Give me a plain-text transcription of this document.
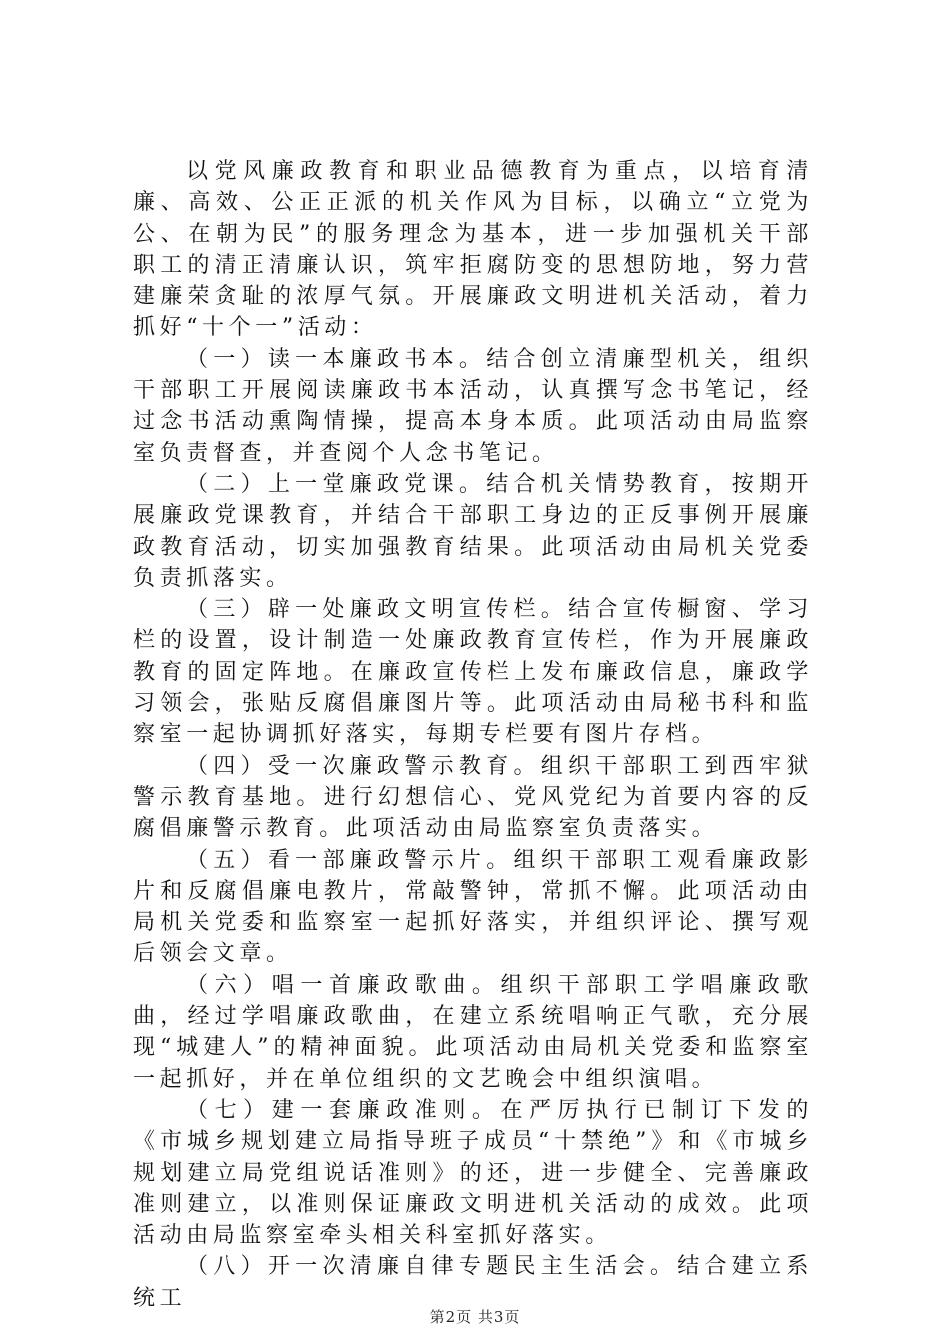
以党风廉政教育和职业品德教育为重点，以培育清廉、高效、公正正派的机关作风为目标，以确立“立党为公、在朝为民”的服务理念为基本，进一步加强机关干部职工的清正清廉认识，筑牢拒腐防变的思想防地，努力营建廉荣贪耻的浓厚气氛。开展廉政文明进机关活动，着力抓好“十个一”活动：

（一）读一本廉政书本。结合创立清廉型机关，组织干部职工开展阅读廉政书本活动，认真撰写念书笔记，经过念书活动熏陶情操，提高本身本质。此项活动由局监察室负责督查，并查阅个人念书笔记。

（二）上一堂廉政党课。结合机关情势教育，按期开展廉政党课教育，并结合干部职工身边的正反事例开展廉政教育活动，切实加强教育结果。此项活动由局机关党委负责抓落实。

（三）辟一处廉政文明宣传栏。结合宣传橱窗、学习栏的设置，设计制造一处廉政教育宣传栏，作为开展廉政教育的固定阵地。在廉政宣传栏上发布廉政信息，廉政学习领会，张贴反腐倡廉图片等。此项活动由局秘书科和监察室一起协调抓好落实，每期专栏要有图片存档。

（四）受一次廉政警示教育。组织干部职工到西牢狱警示教育基地。进行幻想信心、党风党纪为首要内容的反腐倡廉警示教育。此项活动由局监察室负责落实。

（五）看一部廉政警示片。组织干部职工观看廉政影片和反腐倡廉电教片，常敲警钟，常抓不懈。此项活动由局机关党委和监察室一起抓好落实，并组织评论、撰写观后领会文章。

（六）唱一首廉政歌曲。组织干部职工学唱廉政歌曲，经过学唱廉政歌曲，在建立系统唱响正气歌，充分展现“城建人”的精神面貌。此项活动由局机关党委和监察室一起抓好，并在单位组织的文艺晚会中组织演唱。

（七）建一套廉政准则。在严厉执行已制订下发的《市城乡规划建立局指导班子成员“十禁绝”》和《市城乡规划建立局党组说话准则》的还，进一步健全、完善廉政准则建立，以准则保证廉政文明进机关活动的成效。此项活动由局监察室牵头相关科室抓好落实。

（八）开一次清廉自律专题民主生活会。结合建立系统工

第2页 共3页
